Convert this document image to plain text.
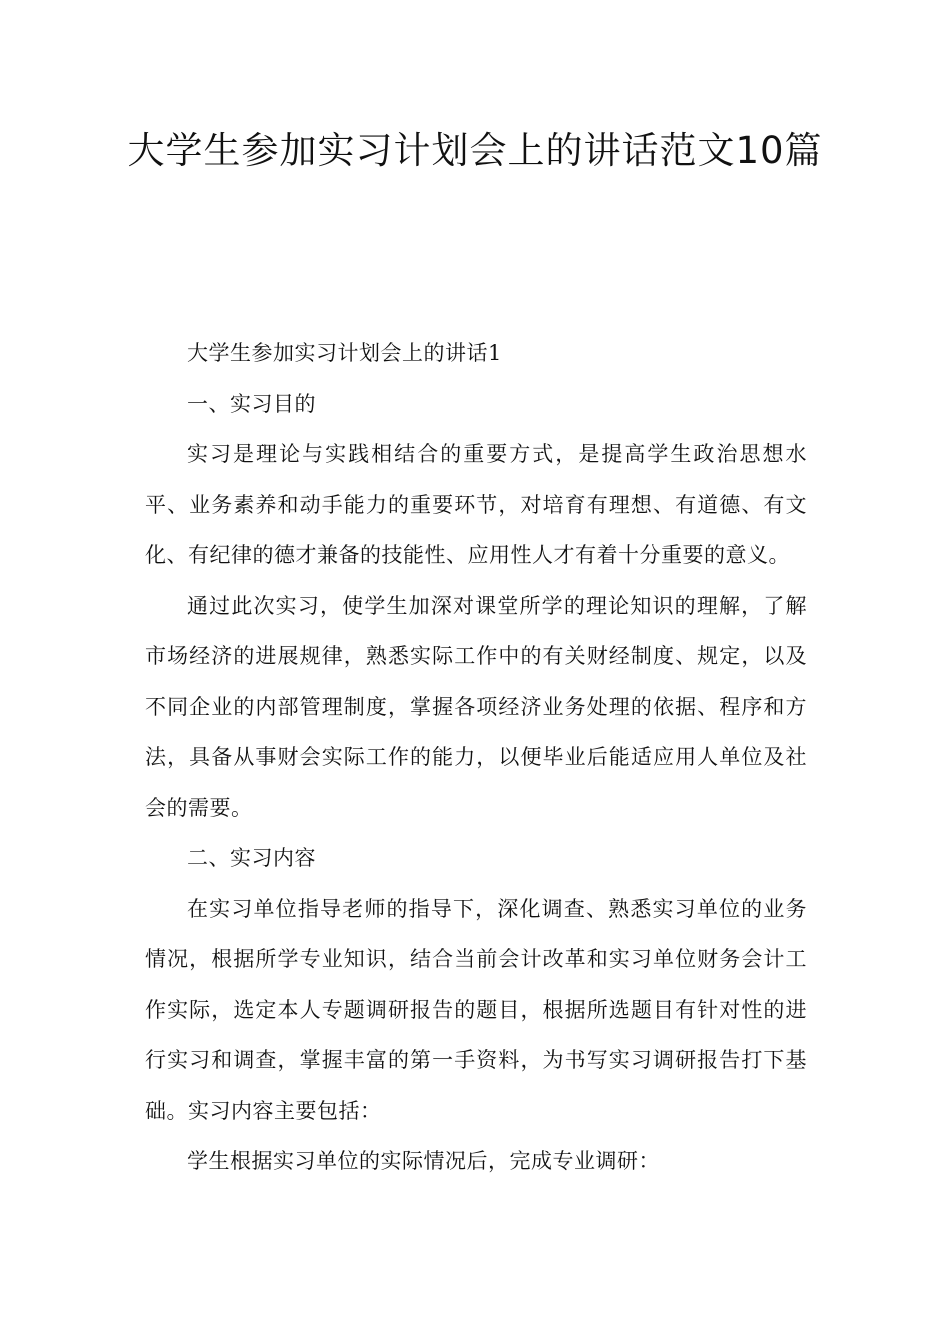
大学生参加实习计划会上的讲话范文10篇

大学生参加实习计划会上的讲话1

一、实习目的

实习是理论与实践相结合的重要方式，是提高学生政治思想水平、业务素养和动手能力的重要环节，对培育有理想、有道德、有文化、有纪律的德才兼备的技能性、应用性人才有着十分重要的意义。

通过此次实习，使学生加深对课堂所学的理论知识的理解，了解市场经济的进展规律，熟悉实际工作中的有关财经制度、规定，以及不同企业的内部管理制度，掌握各项经济业务处理的依据、程序和方法，具备从事财会实际工作的能力，以便毕业后能适应用人单位及社会的需要。

二、实习内容

在实习单位指导老师的指导下，深化调查、熟悉实习单位的业务情况，根据所学专业知识，结合当前会计改革和实习单位财务会计工作实际，选定本人专题调研报告的题目，根据所选题目有针对性的进行实习和调查，掌握丰富的第一手资料，为书写实习调研报告打下基础。实习内容主要包括：

学生根据实习单位的实际情况后，完成专业调研：
